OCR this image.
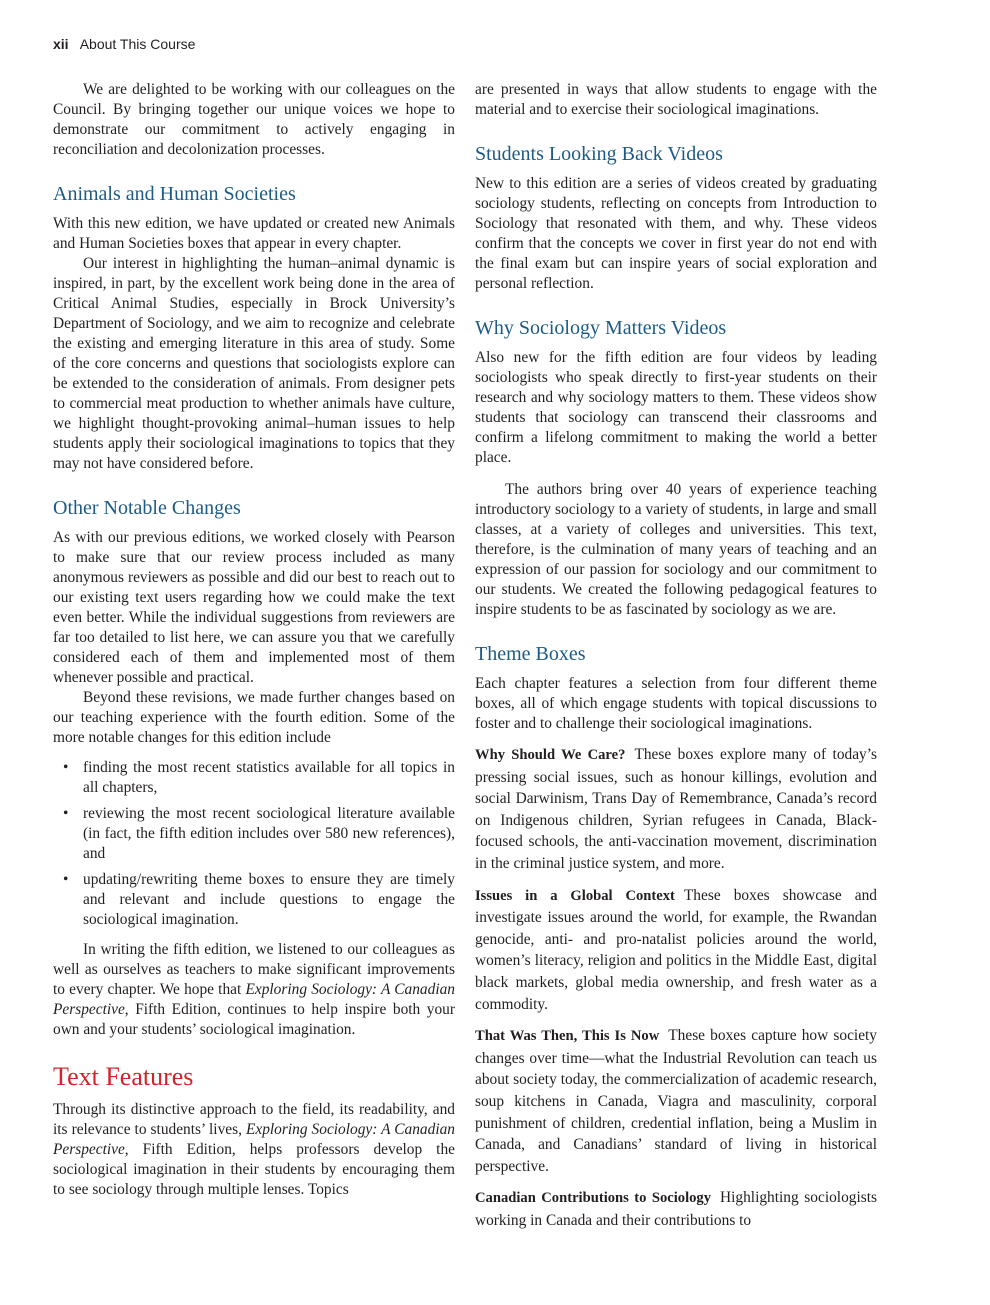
xii About This Course

We are delighted to be working with our colleagues on the Council. By bringing together our unique voices we hope to demonstrate our commitment to actively engaging in reconciliation and decolonization processes.

Animals and Human Societies

With this new edition, we have updated or created new Animals and Human Societies boxes that appear in every chapter.

Our interest in highlighting the human–animal dynamic is inspired, in part, by the excellent work being done in the area of Critical Animal Studies, especially in Brock University’s Department of Sociology, and we aim to recognize and celebrate the existing and emerging literature in this area of study. Some of the core concerns and questions that sociologists explore can be extended to the consideration of animals. From designer pets to commercial meat production to whether animals have culture, we highlight thought-provoking animal–human issues to help students apply their sociological imaginations to topics that they may not have considered before.

Other Notable Changes

As with our previous editions, we worked closely with Pearson to make sure that our review process included as many anonymous reviewers as possible and did our best to reach out to our existing text users regarding how we could make the text even better. While the individual suggestions from reviewers are far too detailed to list here, we can assure you that we carefully considered each of them and implemented most of them whenever possible and practical.

Beyond these revisions, we made further changes based on our teaching experience with the fourth edition. Some of the more notable changes for this edition include

• finding the most recent statistics available for all topics in all chapters,
• reviewing the most recent sociological literature available (in fact, the fifth edition includes over 580 new references), and
• updating/rewriting theme boxes to ensure they are timely and relevant and include questions to engage the sociological imagination.

In writing the fifth edition, we listened to our colleagues as well as ourselves as teachers to make significant improvements to every chapter. We hope that Exploring Sociology: A Canadian Perspective, Fifth Edition, continues to help inspire both your own and your students’ sociological imagination.

Text Features

Through its distinctive approach to the field, its readability, and its relevance to students’ lives, Exploring Sociology: A Canadian Perspective, Fifth Edition, helps professors develop the sociological imagination in their students by encouraging them to see sociology through multiple lenses. Topics

are presented in ways that allow students to engage with the material and to exercise their sociological imaginations.

Students Looking Back Videos

New to this edition are a series of videos created by graduating sociology students, reflecting on concepts from Introduction to Sociology that resonated with them, and why. These videos confirm that the concepts we cover in first year do not end with the final exam but can inspire years of social exploration and personal reflection.

Why Sociology Matters Videos

Also new for the fifth edition are four videos by leading sociologists who speak directly to first-year students on their research and why sociology matters to them. These videos show students that sociology can transcend their classrooms and confirm a lifelong commitment to making the world a better place.

The authors bring over 40 years of experience teaching introductory sociology to a variety of students, in large and small classes, at a variety of colleges and universities. This text, therefore, is the culmination of many years of teaching and an expression of our passion for sociology and our commitment to our students. We created the following pedagogical features to inspire students to be as fascinated by sociology as we are.

Theme Boxes

Each chapter features a selection from four different theme boxes, all of which engage students with topical discussions to foster and to challenge their sociological imaginations.

Why Should We Care? These boxes explore many of today’s pressing social issues, such as honour killings, evolution and social Darwinism, Trans Day of Remembrance, Canada’s record on Indigenous children, Syrian refugees in Canada, Black-focused schools, the anti-vaccination movement, discrimination in the criminal justice system, and more.

Issues in a Global Context These boxes showcase and investigate issues around the world, for example, the Rwandan genocide, anti- and pro-natalist policies around the world, women’s literacy, religion and politics in the Middle East, digital black markets, global media ownership, and fresh water as a commodity.

That Was Then, This Is Now These boxes capture how society changes over time—what the Industrial Revolution can teach us about society today, the commercialization of academic research, soup kitchens in Canada, Viagra and masculinity, corporal punishment of children, credential inflation, being a Muslim in Canada, and Canadians’ standard of living in historical perspective.

Canadian Contributions to Sociology Highlighting sociologists working in Canada and their contributions to
